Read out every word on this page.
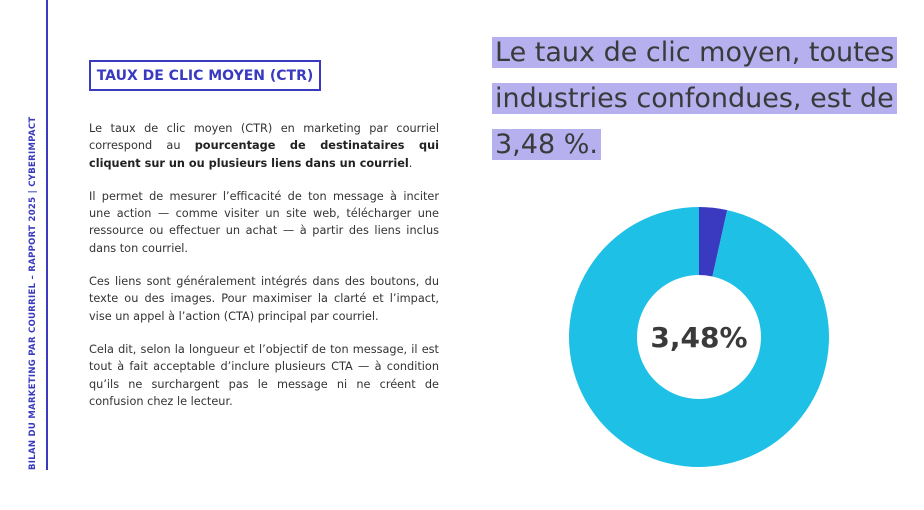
BILAN DU MARKETING PAR COURRIEL – RAPPORT 2025 | CYBERIMPACT
TAUX DE CLIC MOYEN (CTR)

Le taux de clic moyen (CTR) en marketing par courriel correspond au pourcentage de destinataires qui cliquent sur un ou plusieurs liens dans un courriel.

Il permet de mesurer l’efficacité de ton message à inciter une action — comme visiter un site web, télécharger une ressource ou effectuer un achat — à partir des liens inclus dans ton courriel.

Ces liens sont généralement intégrés dans des boutons, du texte ou des images. Pour maximiser la clarté et l’impact, vise un appel à l’action (CTA) principal par courriel.

Cela dit, selon la longueur et l’objectif de ton message, il est tout à fait acceptable d’inclure plusieurs CTA — à condition qu’ils ne surchargent pas le message ni ne créent de confusion chez le lecteur.

Le taux de clic moyen, toutes industries confondues, est de 3,48 %.
3,48%
